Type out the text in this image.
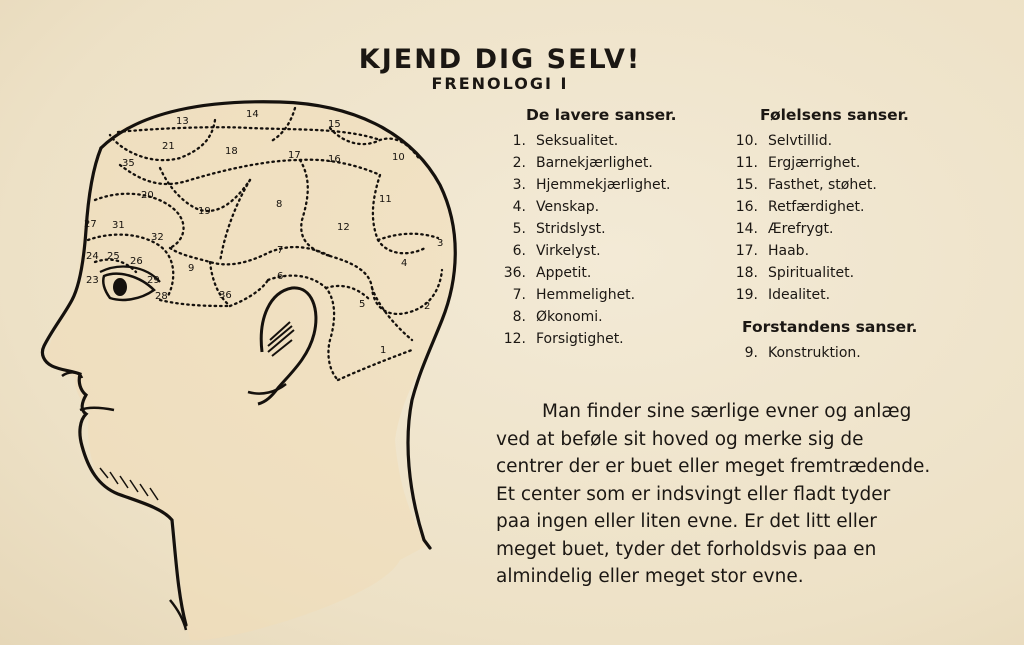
KJEND DIG SELV!
FRENOLOGI I
13
14
15
21	18	17	16	10
35
20
19
8	11
27 31
32
12
3
24 25 26
7
4
23
9
6
29
28	36
5	2
1
De lavere sanser.
1. Seksualitet.
2. Barnekjærlighet.
3. Hjemmekjærlighet.
4. Venskap.
5. Stridslyst.
6. Virkelyst.
36. Appetit.
7. Hemmelighet.
8. Økonomi.
12. Forsigtighet.
Følelsens sanser.
10. Selvtillid.
11. Ergjærrighet.
15. Fasthet, støhet.
16. Retfærdighet.
14. Ærefrygt.
17. Haab.
18. Spiritualitet.
19. Idealitet.
Forstandens sanser.
9. Konstruktion.
Man finder sine særlige evner og anlæg
ved at beføle sit hoved og merke sig de
centrer der er buet eller meget fremtrædende.
Et center som er indsvingt eller fladt tyder
paa ingen eller liten evne. Er det litt eller
meget buet, tyder det forholdsvis paa en
almindelig eller meget stor evne.
